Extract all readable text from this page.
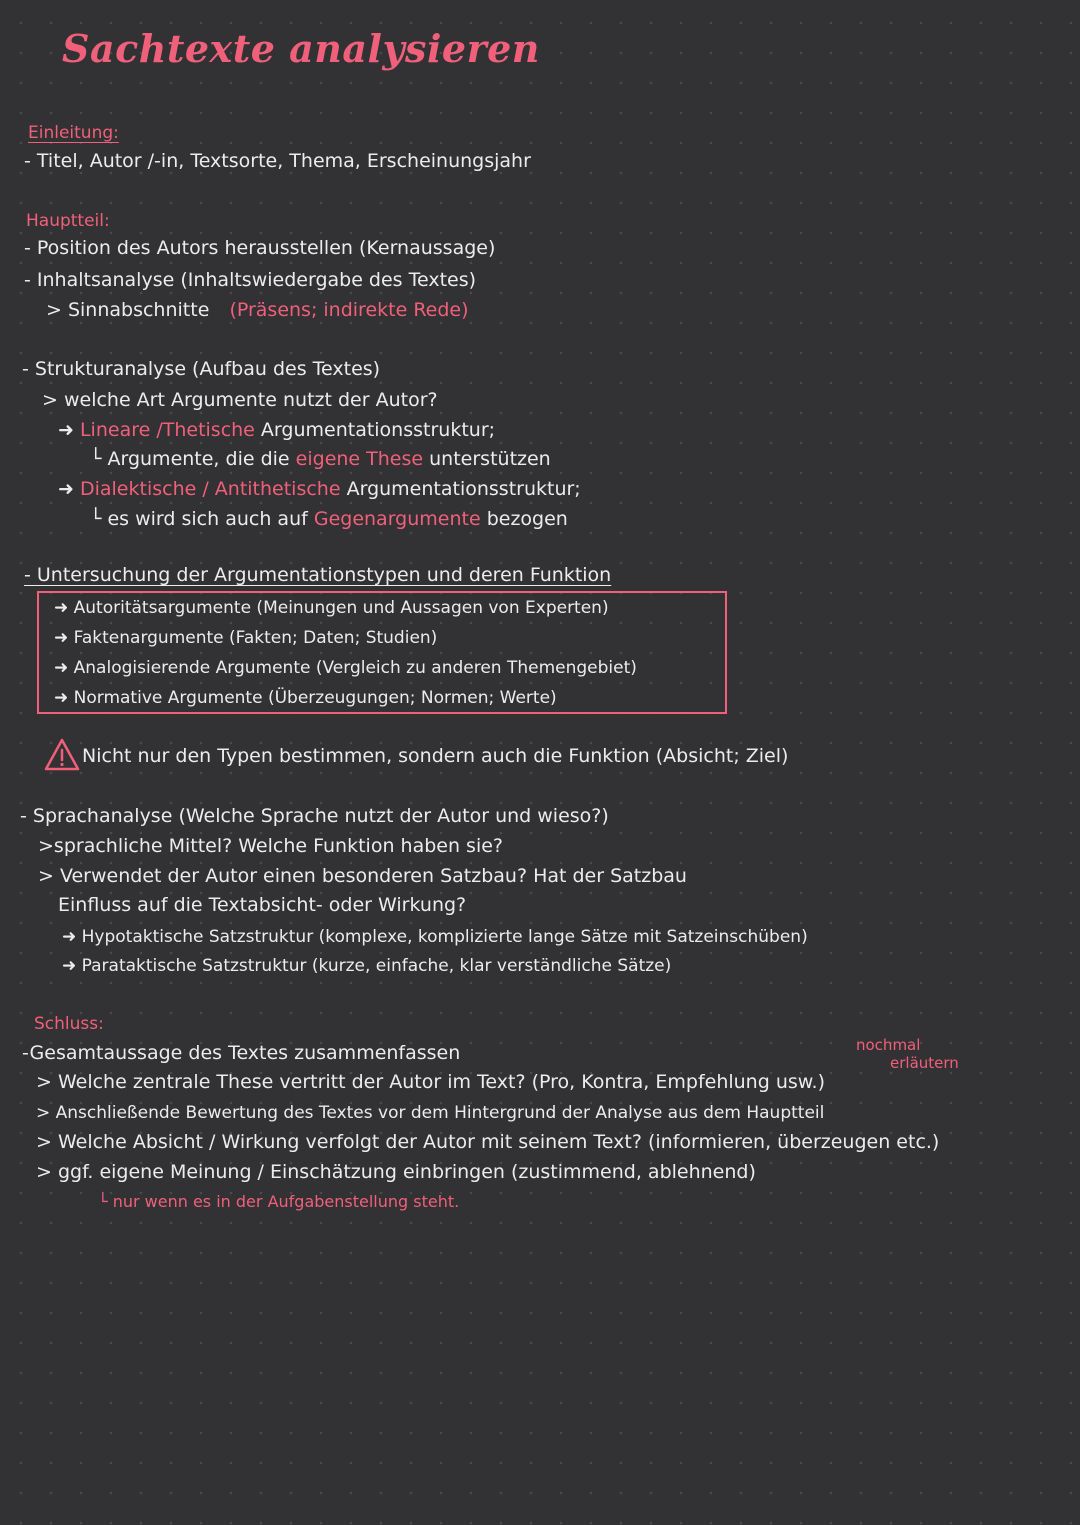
Sachtexte analysieren
Einleitung:
- Titel, Autor /-in, Textsorte, Thema, Erscheinungsjahr
Hauptteil:
- Position des Autors herausstellen (Kernaussage)
- Inhaltsanalyse (Inhaltswiedergabe des Textes)
> Sinnabschnitte (Präsens; indirekte Rede)
- Strukturanalyse (Aufbau des Textes)
> welche Art Argumente nutzt der Autor?
➜ Lineare /Thetische Argumentationsstruktur;
└ Argumente, die die eigene These unterstützen
➜ Dialektische / Antithetische Argumentationsstruktur;
└ es wird sich auch auf Gegenargumente bezogen
- Untersuchung der Argumentationstypen und deren Funktion
➜ Autoritätsargumente (Meinungen und Aussagen von Experten)
➜ Faktenargumente (Fakten; Daten; Studien)
➜ Analogisierende Argumente (Vergleich zu anderen Themengebiet)
➜ Normative Argumente (Überzeugungen; Normen; Werte)
Nicht nur den Typen bestimmen, sondern auch die Funktion (Absicht; Ziel)
- Sprachanalyse (Welche Sprache nutzt der Autor und wieso?)
>sprachliche Mittel? Welche Funktion haben sie?
> Verwendet der Autor einen besonderen Satzbau? Hat der Satzbau
Einfluss auf die Textabsicht- oder Wirkung?
➜ Hypotaktische Satzstruktur (komplexe, komplizierte lange Sätze mit Satzeinschüben)
➜ Parataktische Satzstruktur (kurze, einfache, klar verständliche Sätze)
Schluss:
-Gesamtaussage des Textes zusammenfassen	nochmal
erläutern
> Welche zentrale These vertritt der Autor im Text? (Pro, Kontra, Empfehlung usw.)
> Anschließende Bewertung des Textes vor dem Hintergrund der Analyse aus dem Hauptteil
> Welche Absicht / Wirkung verfolgt der Autor mit seinem Text? (informieren, überzeugen etc.)
> ggf. eigene Meinung / Einschätzung einbringen (zustimmend, ablehnend)
└ nur wenn es in der Aufgabenstellung steht.
